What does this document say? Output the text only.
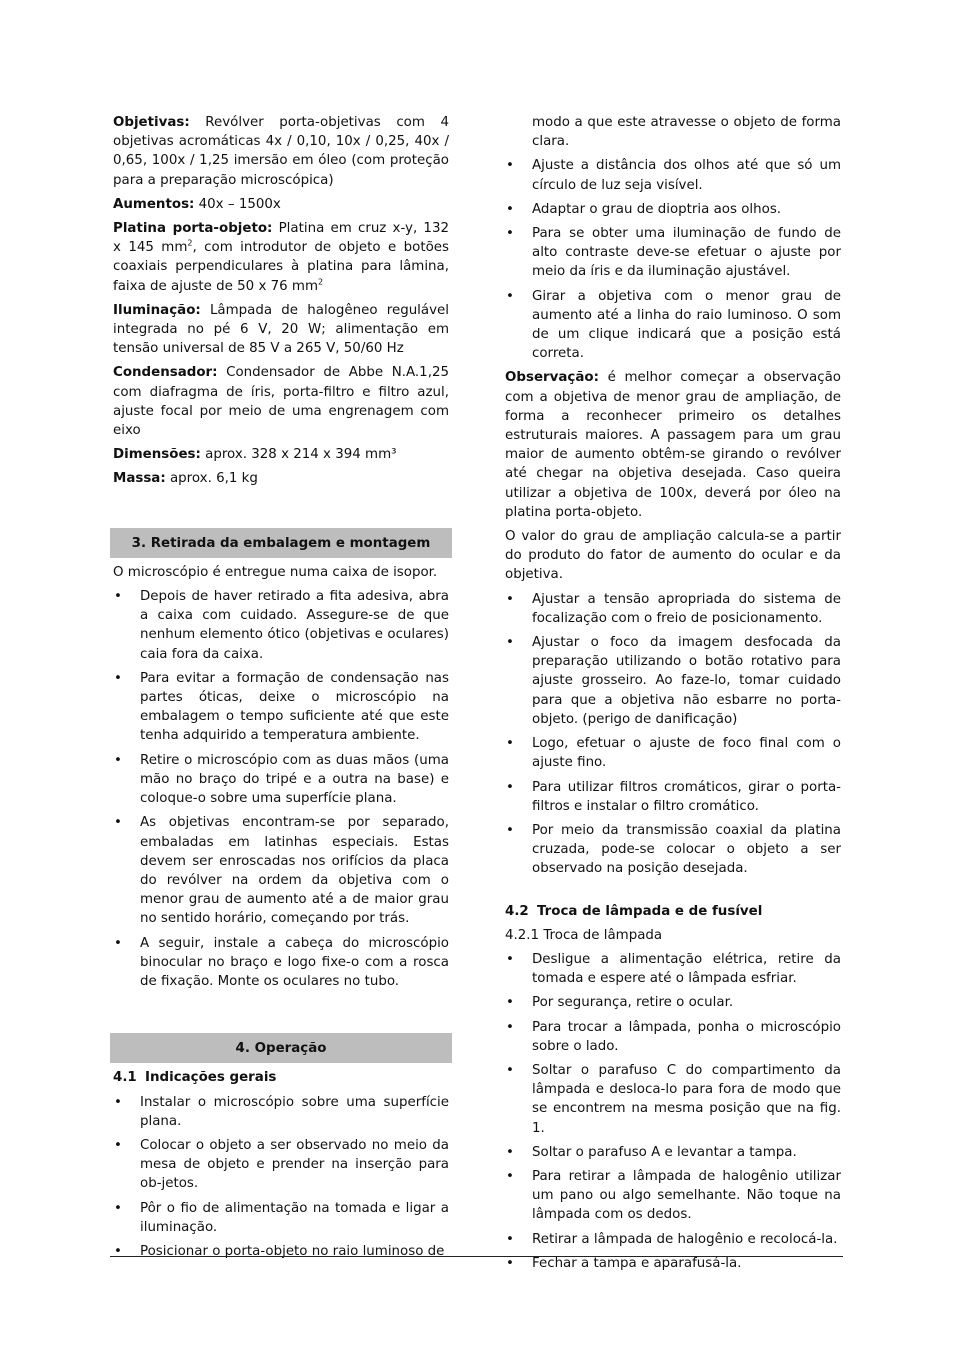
Objetivas: Revólver porta-objetivas com 4 objetivas acromáticas 4x / 0,10, 10x / 0,25, 40x / 0,65, 100x / 1,25 imersão em óleo (com proteção para a preparação microscópica)

Aumentos: 40x – 1500x

Platina porta-objeto: Platina em cruz x-y, 132 x 145 $mm^2$, com introdutor de objeto e botões coaxiais perpendiculares à platina para lâmina, faixa de ajuste de 50 x 76 $mm^2$

Iluminação: Lâmpada de halogêneo regulável integrada no pé 6 V, 20 W; alimentação em tensão universal de 85 V a 265 V, 50/60 Hz

Condensador: Condensador de Abbe N.A.1,25 com diafragma de íris, porta-filtro e filtro azul, ajuste focal por meio de uma engrenagem com eixo

Dimensões: aprox. 328 x 214 x 394 mm³

Massa: aprox. 6,1 kg

3. Retirada da embalagem e montagem

O microscópio é entregue numa caixa de isopor.

• Depois de haver retirado a fita adesiva, abra a caixa com cuidado. Assegure-se de que nenhum elemento ótico (objetivas e oculares) caia fora da caixa.
• Para evitar a formação de condensação nas partes óticas, deixe o microscópio na embalagem o tempo suficiente até que este tenha adquirido a temperatura ambiente.
• Retire o microscópio com as duas mãos (uma mão no braço do tripé e a outra na base) e coloque-o sobre uma superfície plana.
• As objetivas encontram-se por separado, embaladas em latinhas especiais. Estas devem ser enroscadas nos orifícios da placa do revólver na ordem da objetiva com o menor grau de aumento até a de maior grau no sentido horário, começando por trás.
• A seguir, instale a cabeça do microscópio binocular no braço e logo fixe-o com a rosca de fixação. Monte os oculares no tubo.
4. Operação
4.1 Indicações gerais
• Instalar o microscópio sobre uma superfície plana.
• Colocar o objeto a ser observado no meio da mesa de objeto e prender na inserção para ob-jetos.
• Pôr o fio de alimentação na tomada e ligar a iluminação.
• Posicionar o porta-objeto no raio luminoso de

modo a que este atravesse o objeto de forma clara.

• Ajuste a distância dos olhos até que só um círculo de luz seja visível.
• Adaptar o grau de dioptria aos olhos.
• Para se obter uma iluminação de fundo de alto contraste deve-se efetuar o ajuste por meio da íris e da iluminação ajustável.
• Girar a objetiva com o menor grau de aumento até a linha do raio luminoso. O som de um clique indicará que a posição está correta.

Observação: é melhor começar a observação com a objetiva de menor grau de ampliação, de forma a reconhecer primeiro os detalhes estruturais maiores. A passagem para um grau maior de aumento obtêm-se girando o revólver até chegar na objetiva desejada. Caso queira utilizar a objetiva de 100x, deverá por óleo na platina porta-objeto.

O valor do grau de ampliação calcula-se a partir do produto do fator de aumento do ocular e da objetiva.

• Ajustar a tensão apropriada do sistema de focalização com o freio de posicionamento.
• Ajustar o foco da imagem desfocada da preparação utilizando o botão rotativo para ajuste grosseiro. Ao faze-lo, tomar cuidado para que a objetiva não esbarre no porta-objeto. (perigo de danificação)
• Logo, efetuar o ajuste de foco final com o ajuste fino.
• Para utilizar filtros cromáticos, girar o porta-filtros e instalar o filtro cromático.
• Por meio da transmissão coaxial da platina cruzada, pode-se colocar o objeto a ser observado na posição desejada.
4.2 Troca de lâmpada e de fusível

4.2.1 Troca de lâmpada

• Desligue a alimentação elétrica, retire da tomada e espere até o lâmpada esfriar.
• Por segurança, retire o ocular.
• Para trocar a lâmpada, ponha o microscópio sobre o lado.
• Soltar o parafuso C do compartimento da lâmpada e desloca-lo para fora de modo que se encontrem na mesma posição que na fig. 1.
• Soltar o parafuso A e levantar a tampa.
• Para retirar a lâmpada de halogênio utilizar um pano ou algo semelhante. Não toque na lâmpada com os dedos.
• Retirar a lâmpada de halogênio e recolocá-la.
• Fechar a tampa e aparafusá-la.
